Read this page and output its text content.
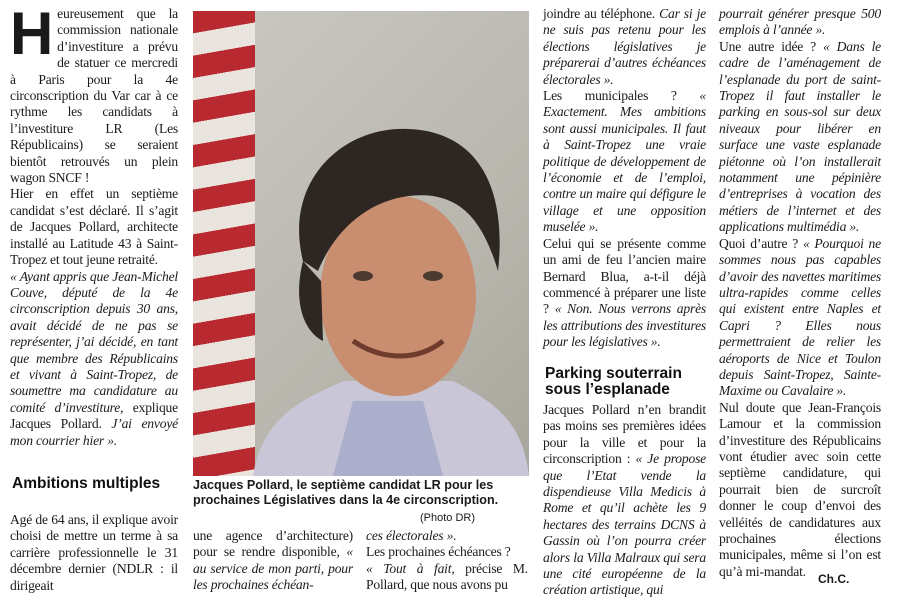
Heureusement que la commission nationale d’investiture a prévu de statuer ce mercredi à Paris pour la 4e circonscription du Var car à ce rythme les candidats à l’investiture LR (Les Républicains) se seraient bientôt retrouvés un plein wagon SNCF !

Hier en effet un septième candidat s’est déclaré. Il s’agit de Jacques Pollard, architecte installé au Latitude 43 à Saint-Tropez et tout jeune retraité.

« Ayant appris que Jean-Michel Couve, député de la 4e circonscription depuis 30 ans, avait décidé de ne pas se représenter, j’ai décidé, en tant que membre des Républicains et vivant à Saint-Tropez, de soumettre ma candidature au comité d’investiture, explique Jacques Pollard. J’ai envoyé mon courrier hier ».

Ambitions multiples

Agé de 64 ans, il explique avoir choisi de mettre un terme à sa carrière professionnelle le 31 décembre dernier (NDLR : il dirigeait

Jacques Pollard, le septième candidat LR pour les prochaines Législatives dans la 4e circonscription.

(Photo DR)

une agence d’architecture) pour se rendre disponible, « au service de mon parti, pour les prochaines échéan-

ces électorales ».

Les prochaines échéances ?

« Tout à fait, précise M. Pollard, que nous avons pu

joindre au téléphone. Car si je ne suis pas retenu pour les élections législatives je préparerai d’autres échéances électorales ».

Les municipales ? « Exactement. Mes ambitions sont aussi municipales. Il faut à Saint-Tropez une vraie politique de développement de l’économie et de l’emploi, contre un maire qui défigure le village et une opposition muselée ».

Celui qui se présente comme un ami de feu l’ancien maire Bernard Blua, a-t-il déjà commencé à préparer une liste ? « Non. Nous verrons après les attributions des investitures pour les législatives ».

Parking souterrain sous l’esplanade

Jacques Pollard n’en brandit pas moins ses premières idées pour la ville et pour la circonscription : « Je propose que l’Etat vende la dispendieuse Villa Medicis à Rome et qu’il achète les 9 hectares des terrains DCNS à Gassin où l’on pourra créer alors la Villa Malraux qui sera une cité européenne de la création artistique, qui

pourrait générer presque 500 emplois à l’année ».

Une autre idée ? « Dans le cadre de l’aménagement de l’esplanade du port de saint-Tropez il faut installer le parking en sous-sol sur deux niveaux pour libérer en surface une vaste esplanade piétonne où l’on installerait notamment une pépinière d’entreprises à vocation des métiers de l’internet et des applications multimédia ».

Quoi d’autre ? « Pourquoi ne sommes nous pas capables d’avoir des navettes maritimes ultra-rapides comme celles qui existent entre Naples et Capri ? Elles nous permettraient de relier les aéroports de Nice et Toulon depuis Saint-Tropez, Sainte-Maxime ou Cavalaire ».

Nul doute que Jean-François Lamour et la commission d’investiture des Républicains vont étudier avec soin cette septième candidature, qui pourrait bien de surcroît donner le coup d’envoi des velléités de candidatures aux prochaines élections municipales, même si l’on est qu’à mi-mandat.

Ch.C.
